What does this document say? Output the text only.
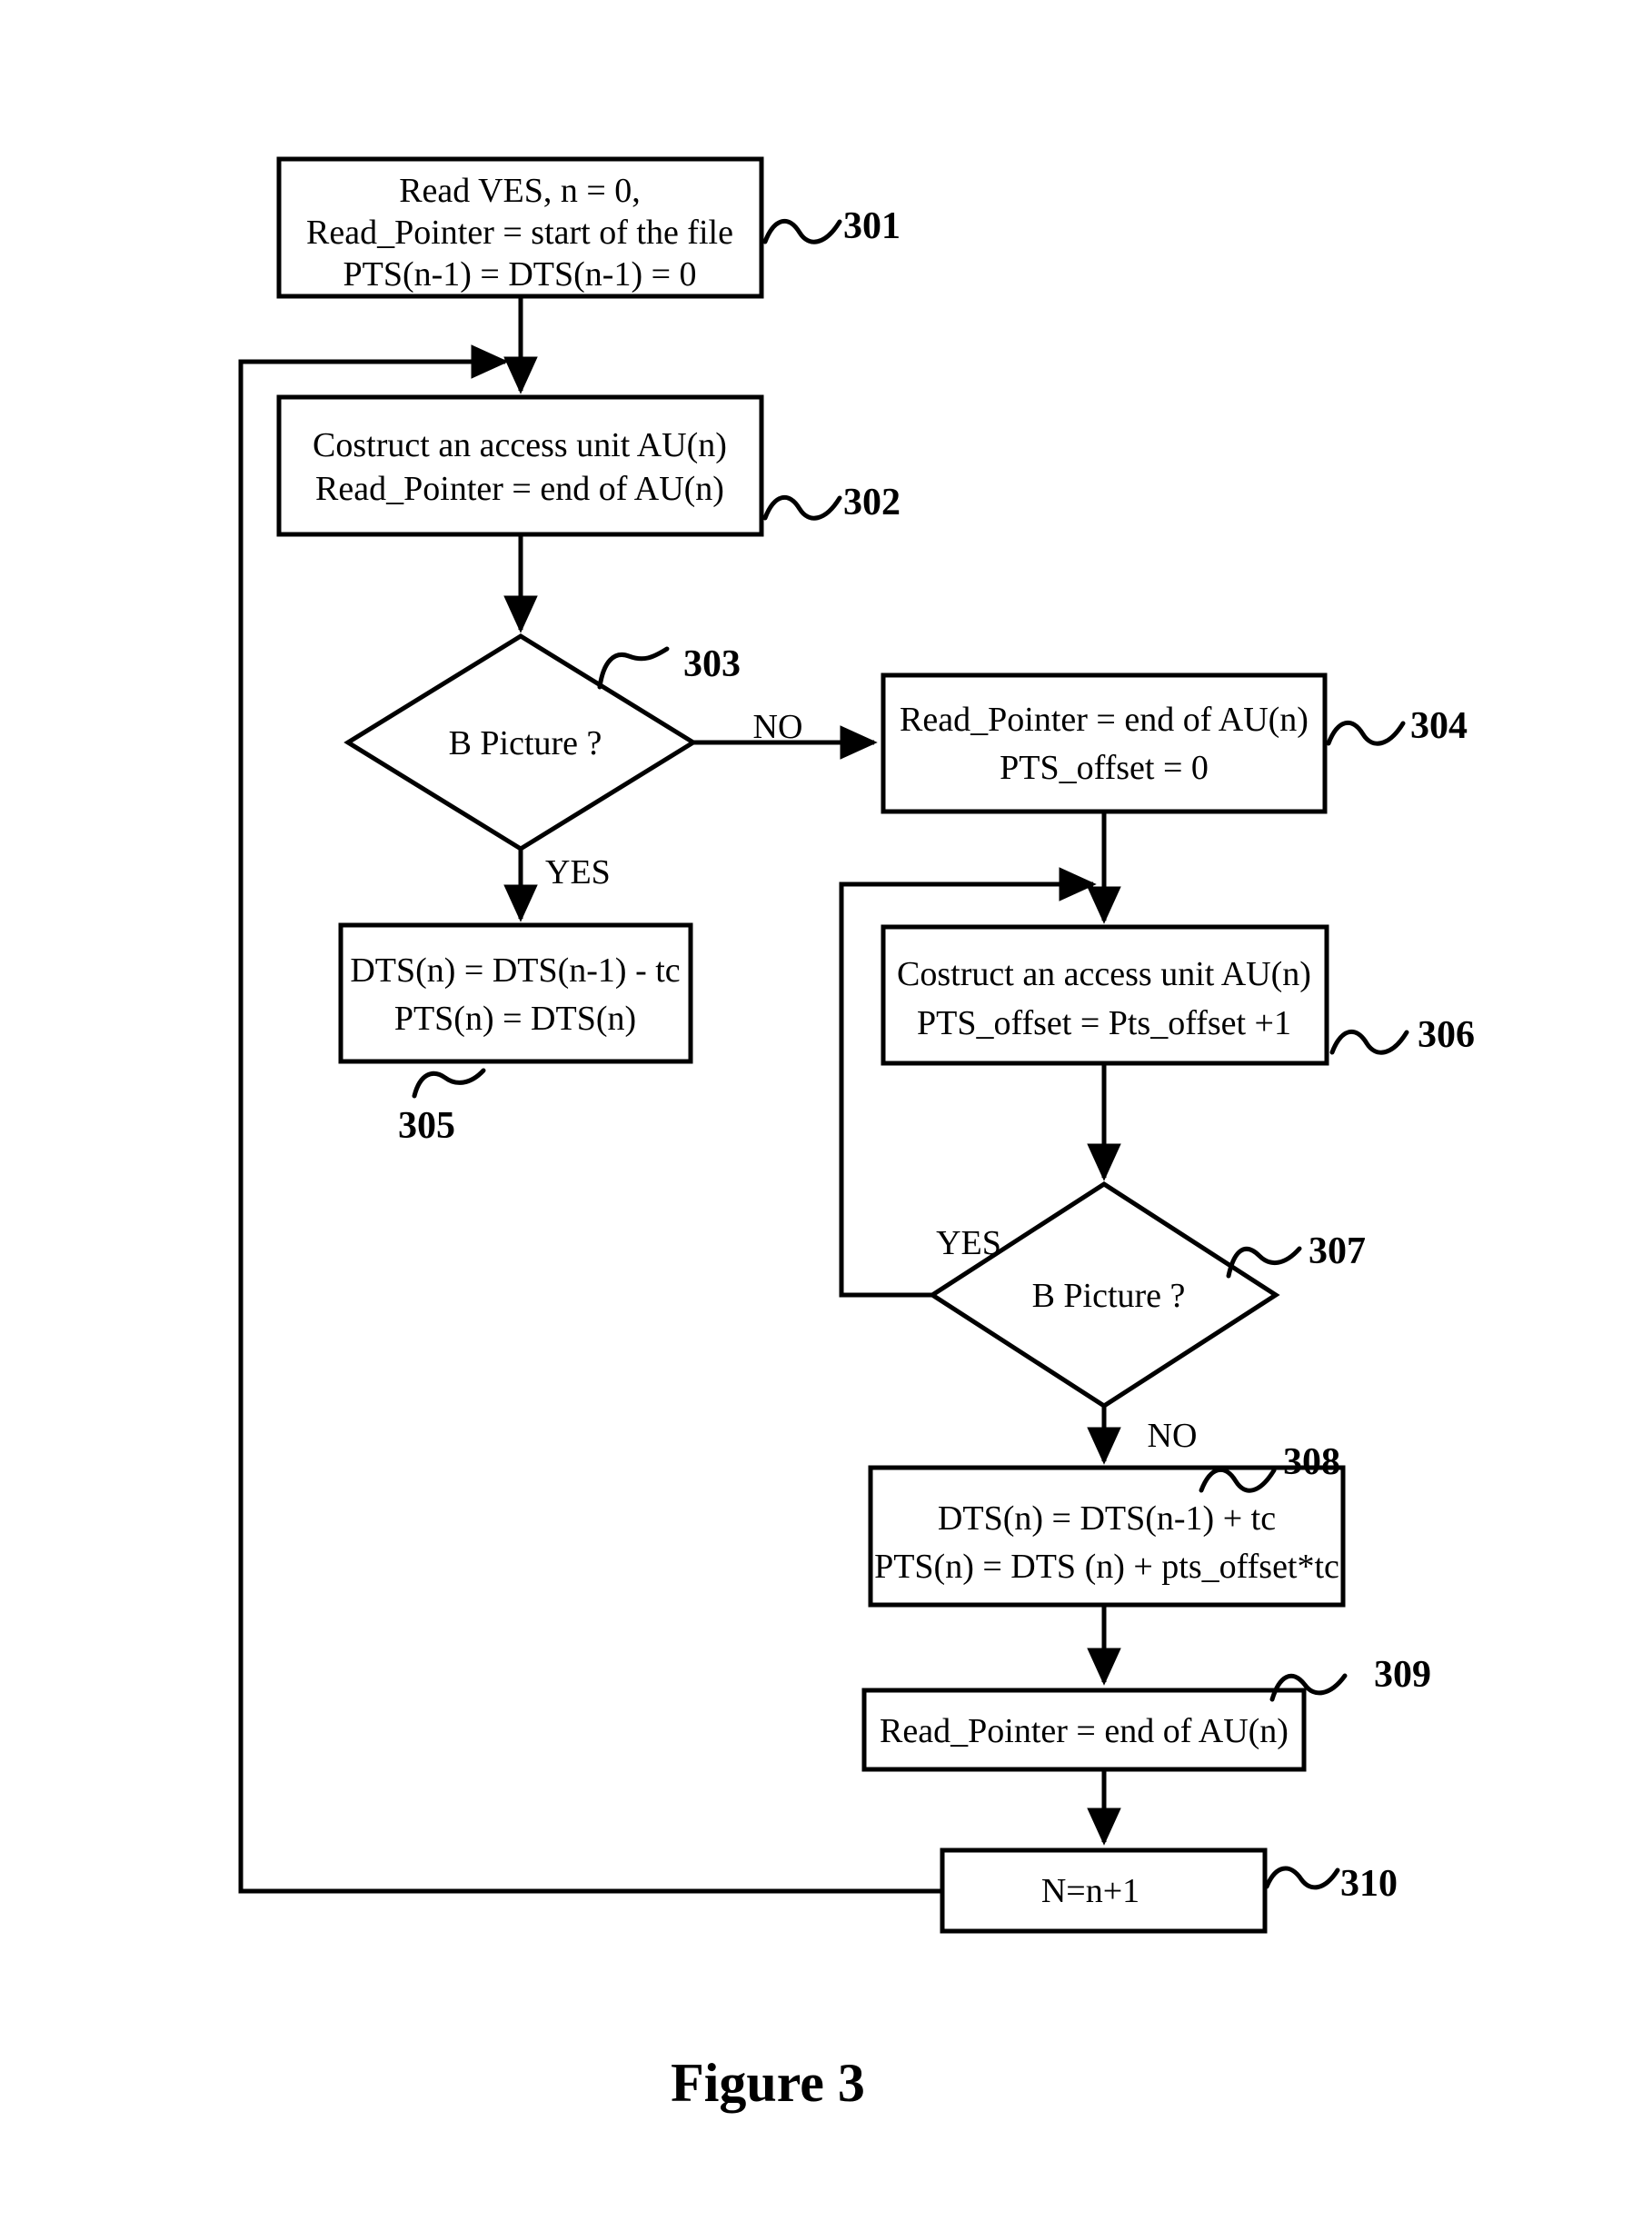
Read VES, n = 0,
Read_Pointer = start of the file
PTS(n-1) = DTS(n-1) = 0
301
Costruct an access unit AU(n)
Read_Pointer = end of AU(n)	302
B Picture ?
303
NO
YES
Read_Pointer = end of AU(n)
PTS_offset = 0
304
DTS(n) = DTS(n-1) - tc
PTS(n) = DTS(n)
305
Costruct an access unit AU(n)
PTS_offset = Pts_offset +1	306
B Picture ?
307
YES
NO
DTS(n) = DTS(n-1) + tc
PTS(n) = DTS (n) + pts_offset*tc
308
Read_Pointer = end of AU(n)
309
N=n+1	310
Figure 3
